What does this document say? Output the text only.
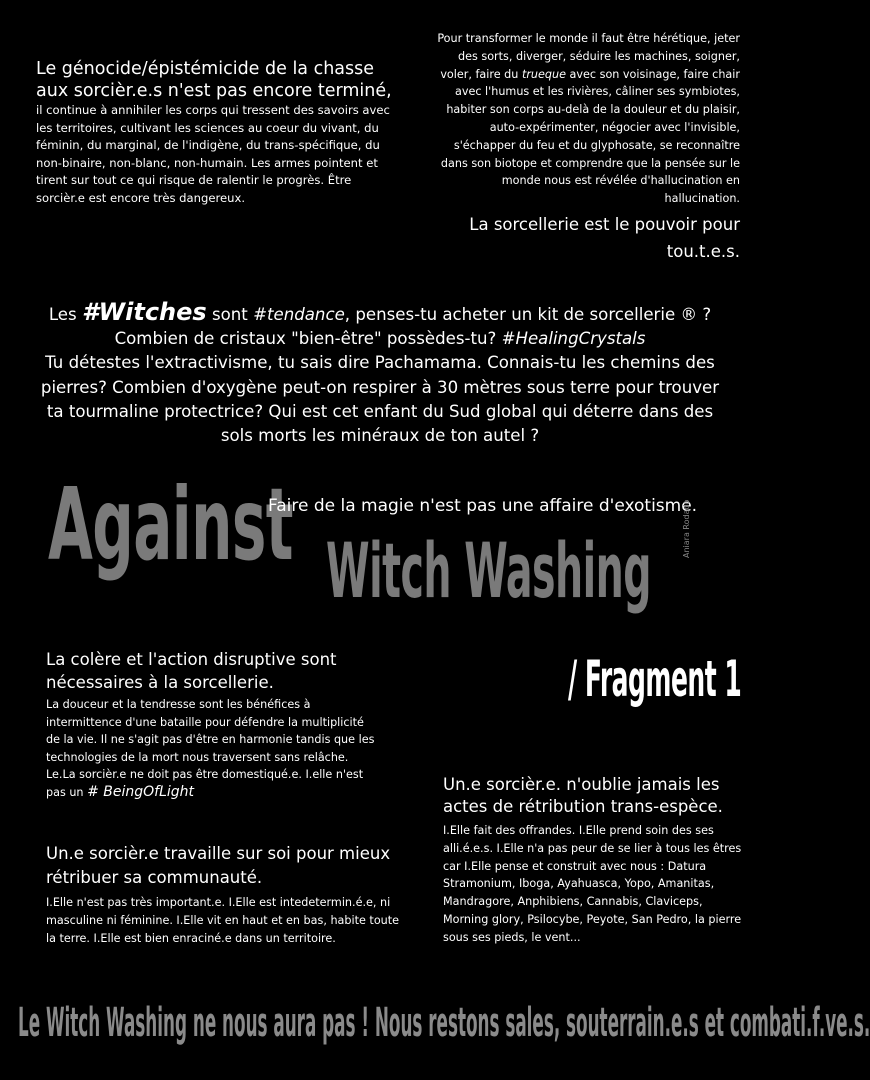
Le génocide/épistémicide de la chasse aux sorcièr.e.s n'est pas encore terminé,

il continue à annihiler les corps qui tressent des savoirs avec les territoires, cultivant les sciences au coeur du vivant, du féminin, du marginal, de l'indigène, du trans-spécifique, du non-binaire, non-blanc, non-humain. Les armes pointent et tirent sur tout ce qui risque de ralentir le progrès. Être sorcièr.e est encore très dangereux.

Pour transformer le monde il faut être hérétique, jeter des sorts, diverger, séduire les machines, soigner, voler, faire du trueque avec son voisinage, faire chair avec l'humus et les rivières, câliner ses symbiotes, habiter son corps au-delà de la douleur et du plaisir, auto-expérimenter, négocier avec l'invisible, s'échapper du feu et du glyphosate, se reconnaître dans son biotope et comprendre que la pensée sur le monde nous est révélée d'hallucination en hallucination.

La sorcellerie est le pouvoir pour tou.t.e.s.

Les #Witches sont #tendance, penses-tu acheter un kit de sorcellerie ® ?

Combien de cristaux "bien-être" possèdes-tu? #HealingCrystals

Tu détestes l'extractivisme, tu sais dire Pachamama. Connais-tu les chemins des pierres? Combien d'oxygène peut-on respirer à 30 mètres sous terre pour trouver ta tourmaline protectrice? Qui est cet enfant du Sud global qui déterre dans des sols morts les minéraux de ton autel ?

Against
Faire de la magie n'est pas une affaire d'exotisme.
Witch Washing	Aniara Rodado
/ Fragment 1

La colère et l'action disruptive sont nécessaires à la sorcellerie.

La douceur et la tendresse sont les bénéfices à intermittence d'une bataille pour défendre la multiplicité de la vie. Il ne s'agit pas d'être en harmonie tandis que les technologies de la mort nous traversent sans relâche. Le.La sorcièr.e ne doit pas être domestiqué.e. I.elle n'est pas un # BeingOfLight

Un.e sorcièr.e travaille sur soi pour mieux rétribuer sa communauté.

I.Elle n'est pas très important.e. I.Elle est intedetermin.é.e, ni masculine ni féminine. I.Elle vit en haut et en bas, habite toute la terre. I.Elle est bien enraciné.e dans un territoire.

Un.e sorcièr.e. n'oublie jamais les actes de rétribution trans-espèce.

I.Elle fait des offrandes. I.Elle prend soin des ses alli.é.e.s. I.Elle n'a pas peur de se lier à tous les êtres car I.Elle pense et construit avec nous : Datura Stramonium, Iboga, Ayahuasca, Yopo, Amanitas, Mandragore, Anphibiens, Cannabis, Claviceps, Morning glory, Psilocybe, Peyote, San Pedro, la pierre sous ses pieds, le vent...

Le Witch Washing ne nous aura pas ! Nous restons sales, souterrain.e.s et combati.f.ve.s.
